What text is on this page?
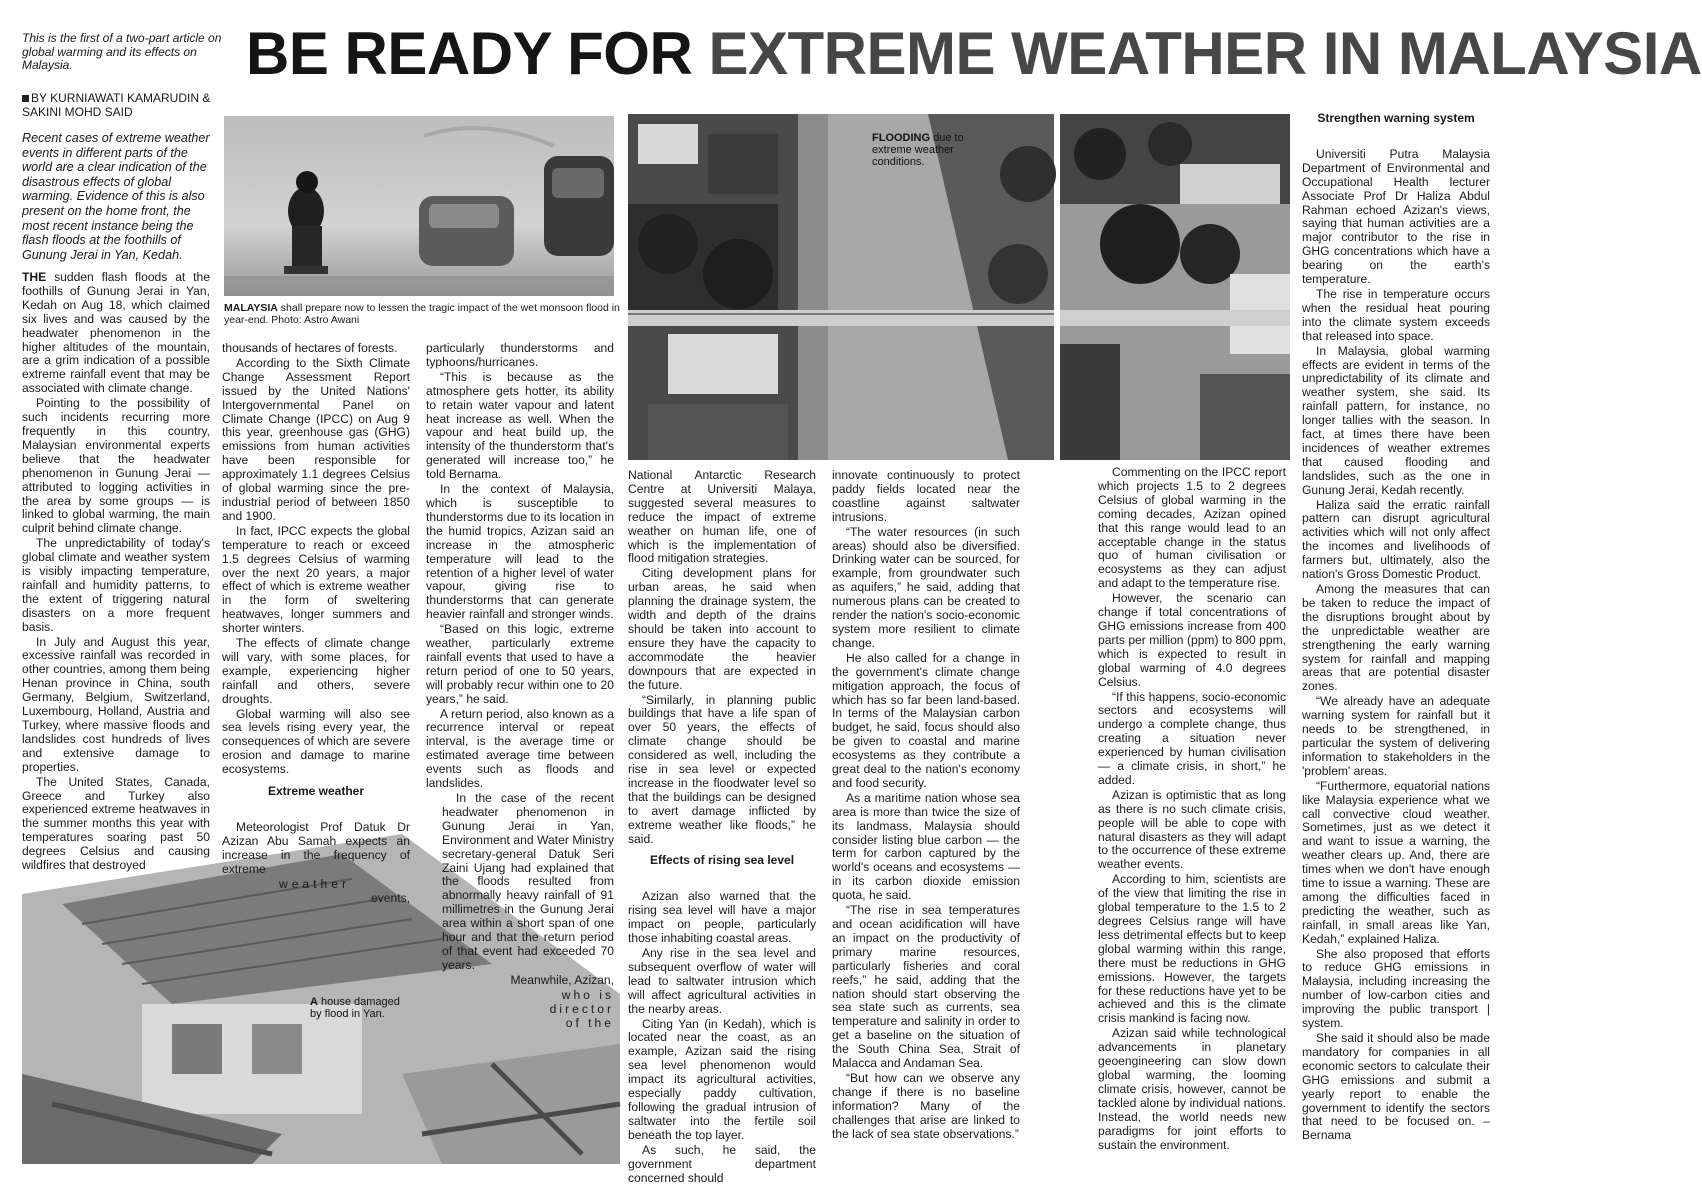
This is the first of a two-part article on global warming and its effects on Malaysia.
BY KURNIAWATI KAMARUDIN &
SAKINI MOHD SAID
BE READY FOR EXTREME WEATHER IN MALAYSIA
Recent cases of extreme weather events in different parts of the world are a clear indication of the disastrous effects of global warming. Evidence of this is also present on the home front, the most recent instance being the flash floods at the foothills of Gunung Jerai in Yan, Kedah.
MALAYSIA shall prepare now to lessen the tragic impact of the wet monsoon flood in year-end. Photo: Astro Awani
FLOODING due to extreme weather conditions.
A house damaged by flood in Yan.

THE sudden flash floods at the foothills of Gunung Jerai in Yan, Kedah on Aug 18, which claimed six lives and was caused by the headwater phenomenon in the higher altitudes of the mountain, are a grim indication of a possible extreme rainfall event that may be associated with climate change.

Pointing to the possibility of such incidents recurring more frequently in this country, Malaysian environmental experts believe that the headwater phenomenon in Gunung Jerai — attributed to logging activities in the area by some groups — is linked to global warming, the main culprit behind climate change.

The unpredictability of today's global climate and weather system is visibly impacting temperature, rainfall and humidity patterns, to the extent of triggering natural disasters on a more frequent basis.

In July and August this year, excessive rainfall was recorded in other countries, among them being Henan province in China, south Germany, Belgium, Switzerland, Luxembourg, Holland, Austria and Turkey, where massive floods and landslides cost hundreds of lives and extensive damage to properties.

The United States, Canada, Greece and Turkey also experienced extreme heatwaves in the summer months this year with temperatures soaring past 50 degrees Celsius and causing wildfires that destroyed

thousands of hectares of forests.

According to the Sixth Climate Change Assessment Report issued by the United Nations' Intergovernmental Panel on Climate Change (IPCC) on Aug 9 this year, greenhouse gas (GHG) emissions from human activities have been responsible for approximately 1.1 degrees Celsius of global warming since the pre-industrial period of between 1850 and 1900.

In fact, IPCC expects the global temperature to reach or exceed 1.5 degrees Celsius of warming over the next 20 years, a major effect of which is extreme weather in the form of sweltering heatwaves, longer summers and shorter winters.

The effects of climate change will vary, with some places, for example, experiencing higher rainfall and others, severe droughts.

Global warming will also see sea levels rising every year, the consequences of which are severe erosion and damage to marine ecosystems.

Extreme weather

Meteorologist Prof Datuk Dr Azizan Abu Samah expects an increase in the frequency of extreme

weather
events,

particularly thunderstorms and typhoons/hurricanes.

“This is because as the atmosphere gets hotter, its ability to retain water vapour and latent heat increase as well. When the vapour and heat build up, the intensity of the thunderstorm that's generated will increase too,” he told Bernama.

In the context of Malaysia, which is susceptible to thunderstorms due to its location in the humid tropics, Azizan said an increase in the atmospheric temperature will lead to the retention of a higher level of water vapour, giving rise to thunderstorms that can generate heavier rainfall and stronger winds.

“Based on this logic, extreme weather, particularly extreme rainfall events that used to have a return period of one to 50 years, will probably recur within one to 20 years,” he said.

A return period, also known as a recurrence interval or repeat interval, is the average time or estimated average time between events such as floods and landslides.

In the case of the recent headwater phenomenon in Gunung Jerai in Yan, Environment and Water Ministry secretary-general Datuk Seri Zaini Ujang had explained that the floods resulted from abnormally heavy rainfall of 91 millimetres in the Gunung Jerai area within a short span of one hour and that the return period of that event had exceeded 70 years.

Meanwhile, Azizan,

who is
director
of the

National Antarctic Research Centre at Universiti Malaya, suggested several measures to reduce the impact of extreme weather on human life, one of which is the implementation of flood mitigation strategies.

Citing development plans for urban areas, he said when planning the drainage system, the width and depth of the drains should be taken into account to ensure they have the capacity to accommodate the heavier downpours that are expected in the future.

“Similarly, in planning public buildings that have a life span of over 50 years, the effects of climate change should be considered as well, including the rise in sea level or expected increase in the floodwater level so that the buildings can be designed to avert damage inflicted by extreme weather like floods,” he said.

Effects of rising sea level

Azizan also warned that the rising sea level will have a major impact on people, particularly those inhabiting coastal areas.

Any rise in the sea level and subsequent overflow of water will lead to saltwater intrusion which will affect agricultural activities in the nearby areas.

Citing Yan (in Kedah), which is located near the coast, as an example, Azizan said the rising sea level phenomenon would impact its agricultural activities, especially paddy cultivation, following the gradual intrusion of saltwater into the fertile soil beneath the top layer.

As such, he said, the government department concerned should

innovate continuously to protect paddy fields located near the coastline against saltwater intrusions.

“The water resources (in such areas) should also be diversified. Drinking water can be sourced, for example, from groundwater such as aquifers,” he said, adding that numerous plans can be created to render the nation's socio-economic system more resilient to climate change.

He also called for a change in the government's climate change mitigation approach, the focus of which has so far been land-based. In terms of the Malaysian carbon budget, he said, focus should also be given to coastal and marine ecosystems as they contribute a great deal to the nation's economy and food security.

As a maritime nation whose sea area is more than twice the size of its landmass, Malaysia should consider listing blue carbon — the term for carbon captured by the world's oceans and ecosystems — in its carbon dioxide emission quota, he said.

“The rise in sea temperatures and ocean acidification will have an impact on the productivity of primary marine resources, particularly fisheries and coral reefs,” he said, adding that the nation should start observing the sea state such as currents, sea temperature and salinity in order to get a baseline on the situation of the South China Sea, Strait of Malacca and Andaman Sea.

“But how can we observe any change if there is no baseline information? Many of the challenges that arise are linked to the lack of sea state observations.”

Commenting on the IPCC report which projects 1.5 to 2 degrees Celsius of global warming in the coming decades, Azizan opined that this range would lead to an acceptable change in the status quo of human civilisation or ecosystems as they can adjust and adapt to the temperature rise.

However, the scenario can change if total concentrations of GHG emissions increase from 400 parts per million (ppm) to 800 ppm, which is expected to result in global warming of 4.0 degrees Celsius.

“If this happens, socio-economic sectors and ecosystems will undergo a complete change, thus creating a situation never experienced by human civilisation — a climate crisis, in short,” he added.

Azizan is optimistic that as long as there is no such climate crisis, people will be able to cope with natural disasters as they will adapt to the occurrence of these extreme weather events.

According to him, scientists are of the view that limiting the rise in global temperature to the 1.5 to 2 degrees Celsius range will have less detrimental effects but to keep global warming within this range, there must be reductions in GHG emissions. However, the targets for these reductions have yet to be achieved and this is the climate crisis mankind is facing now.

Azizan said while technological advancements in planetary geoengineering can slow down global warming, the looming climate crisis, however, cannot be tackled alone by individual nations. Instead, the world needs new paradigms for joint efforts to sustain the environment.

Strengthen warning system

Universiti Putra Malaysia Department of Environmental and Occupational Health lecturer Associate Prof Dr Haliza Abdul Rahman echoed Azizan's views, saying that human activities are a major contributor to the rise in GHG concentrations which have a bearing on the earth's temperature.

The rise in temperature occurs when the residual heat pouring into the climate system exceeds that released into space.

In Malaysia, global warming effects are evident in terms of the unpredictability of its climate and weather system, she said. Its rainfall pattern, for instance, no longer tallies with the season. In fact, at times there have been incidences of weather extremes that caused flooding and landslides, such as the one in Gunung Jerai, Kedah recently.

Haliza said the erratic rainfall pattern can disrupt agricultural activities which will not only affect the incomes and livelihoods of farmers but, ultimately, also the nation's Gross Domestic Product.

Among the measures that can be taken to reduce the impact of the disruptions brought about by the unpredictable weather are strengthening the early warning system for rainfall and mapping areas that are potential disaster zones.

“We already have an adequate warning system for rainfall but it needs to be strengthened, in particular the system of delivering information to stakeholders in the 'problem' areas.

“Furthermore, equatorial nations like Malaysia experience what we call convective cloud weather. Sometimes, just as we detect it and want to issue a warning, the weather clears up. And, there are times when we don't have enough time to issue a warning. These are among the difficulties faced in predicting the weather, such as rainfall, in small areas like Yan, Kedah,” explained Haliza.

She also proposed that efforts to reduce GHG emissions in Malaysia, including increasing the number of low-carbon cities and improving the public transport | system.

She said it should also be made mandatory for companies in all economic sectors to calculate their GHG emissions and submit a yearly report to enable the government to identify the sectors that need to be focused on. – Bernama
